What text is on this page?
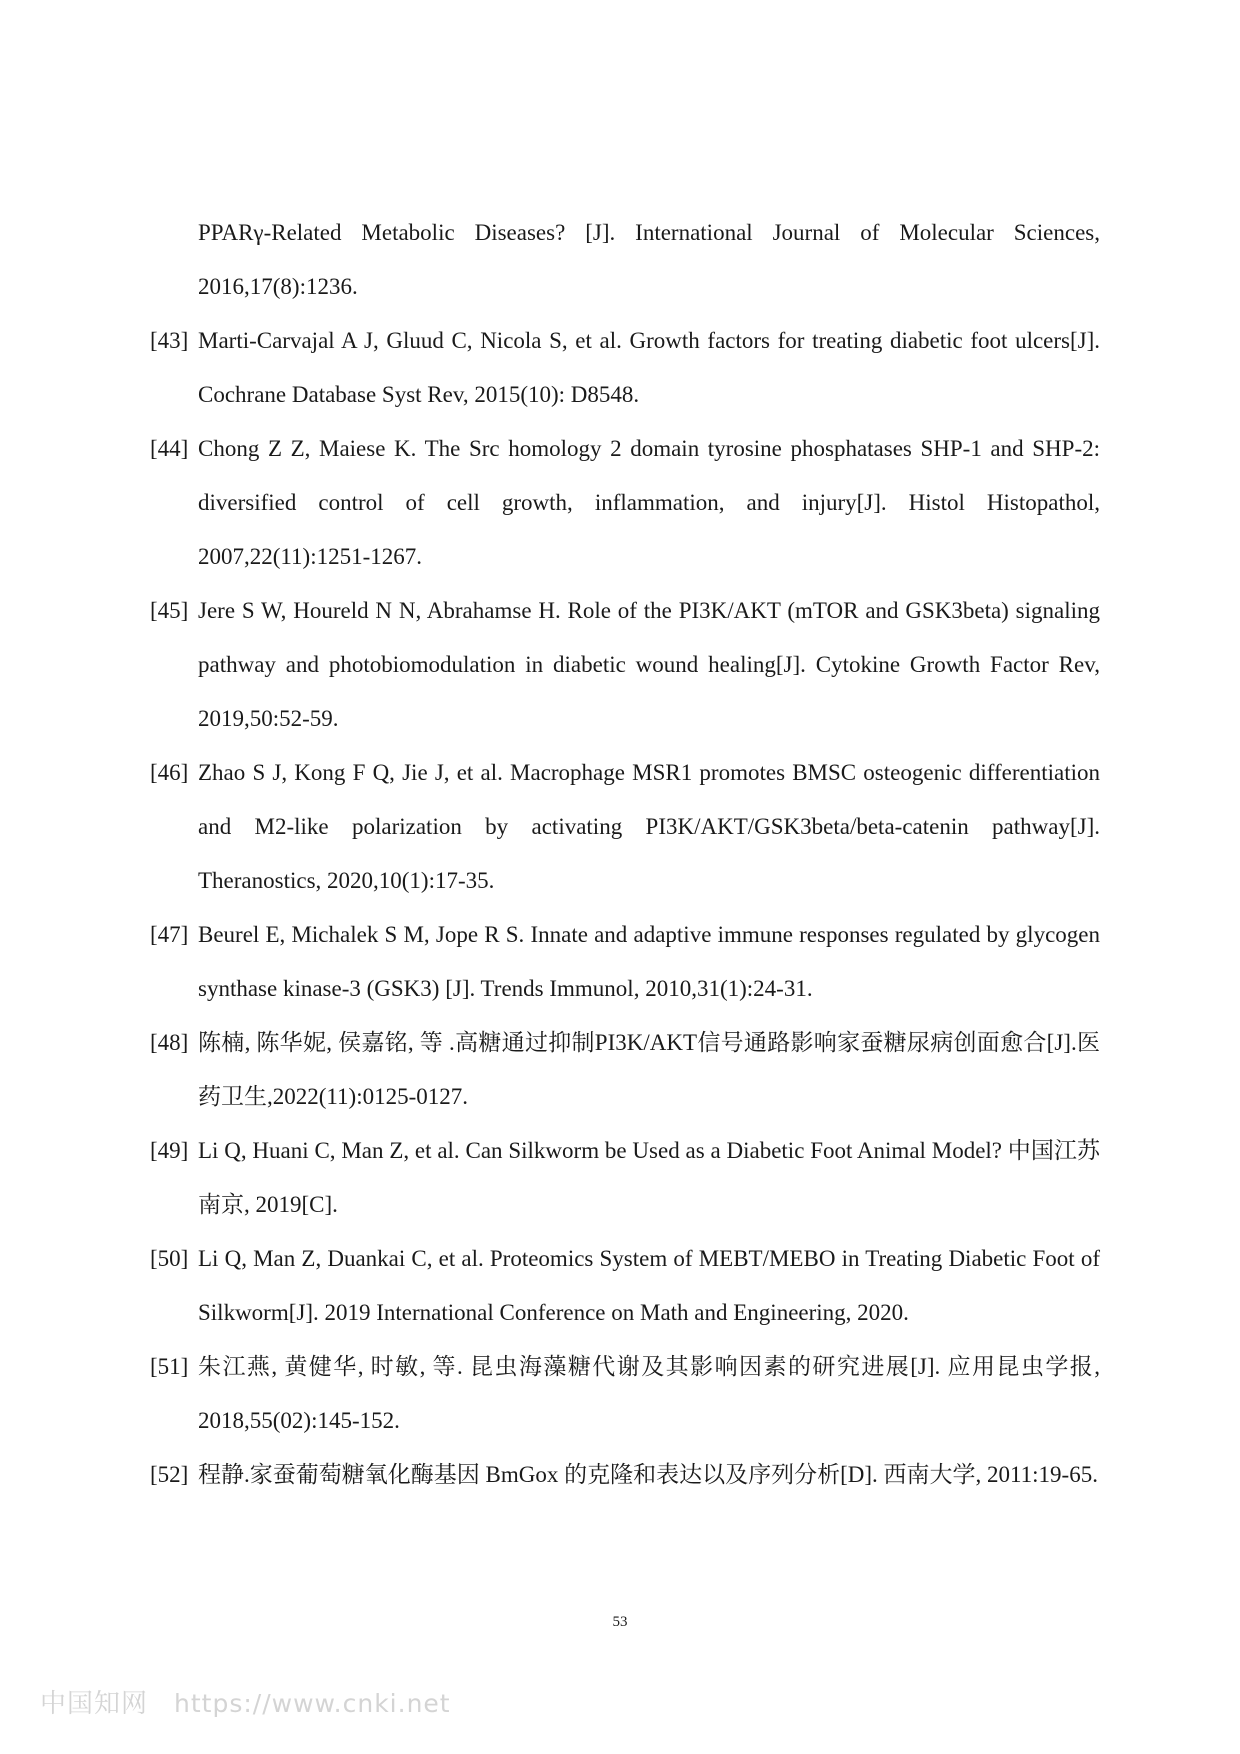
PPARγ-Related Metabolic Diseases? [J]. International Journal of Molecular Sciences, 2016,17(8):1236.
[43] Marti-Carvajal A J, Gluud C, Nicola S, et al. Growth factors for treating diabetic foot ulcers[J]. Cochrane Database Syst Rev, 2015(10): D8548.
[44] Chong Z Z, Maiese K. The Src homology 2 domain tyrosine phosphatases SHP-1 and SHP-2: diversified control of cell growth, inflammation, and injury[J]. Histol Histopathol, 2007,22(11):1251-1267.
[45] Jere S W, Houreld N N, Abrahamse H. Role of the PI3K/AKT (mTOR and GSK3beta) signaling pathway and photobiomodulation in diabetic wound healing[J]. Cytokine Growth Factor Rev, 2019,50:52-59.
[46] Zhao S J, Kong F Q, Jie J, et al. Macrophage MSR1 promotes BMSC osteogenic differentiation and M2-like polarization by activating PI3K/AKT/GSK3beta/beta-catenin pathway[J]. Theranostics, 2020,10(1):17-35.
[47] Beurel E, Michalek S M, Jope R S. Innate and adaptive immune responses regulated by glycogen synthase kinase-3 (GSK3) [J]. Trends Immunol, 2010,31(1):24-31.
[48] 陈楠, 陈华妮, 侯嘉铭, 等 .高糖通过抑制PI3K/AKT信号通路影响家蚕糖尿病创面愈合[J].医药卫生,2022(11):0125-0127.
[49] Li Q, Huani C, Man Z, et al. Can Silkworm be Used as a Diabetic Foot Animal Model? 中国江苏南京, 2019[C].
[50] Li Q, Man Z, Duankai C, et al. Proteomics System of MEBT/MEBO in Treating Diabetic Foot of Silkworm[J]. 2019 International Conference on Math and Engineering, 2020.
[51] 朱江燕, 黄健华, 时敏, 等. 昆虫海藻糖代谢及其影响因素的研究进展[J]. 应用昆虫学报, 2018,55(02):145-152.
[52] 程静.家蚕葡萄糖氧化酶基因 BmGox 的克隆和表达以及序列分析[D]. 西南大学, 2011:19-65.
53
中国知网 https://www.cnki.net
